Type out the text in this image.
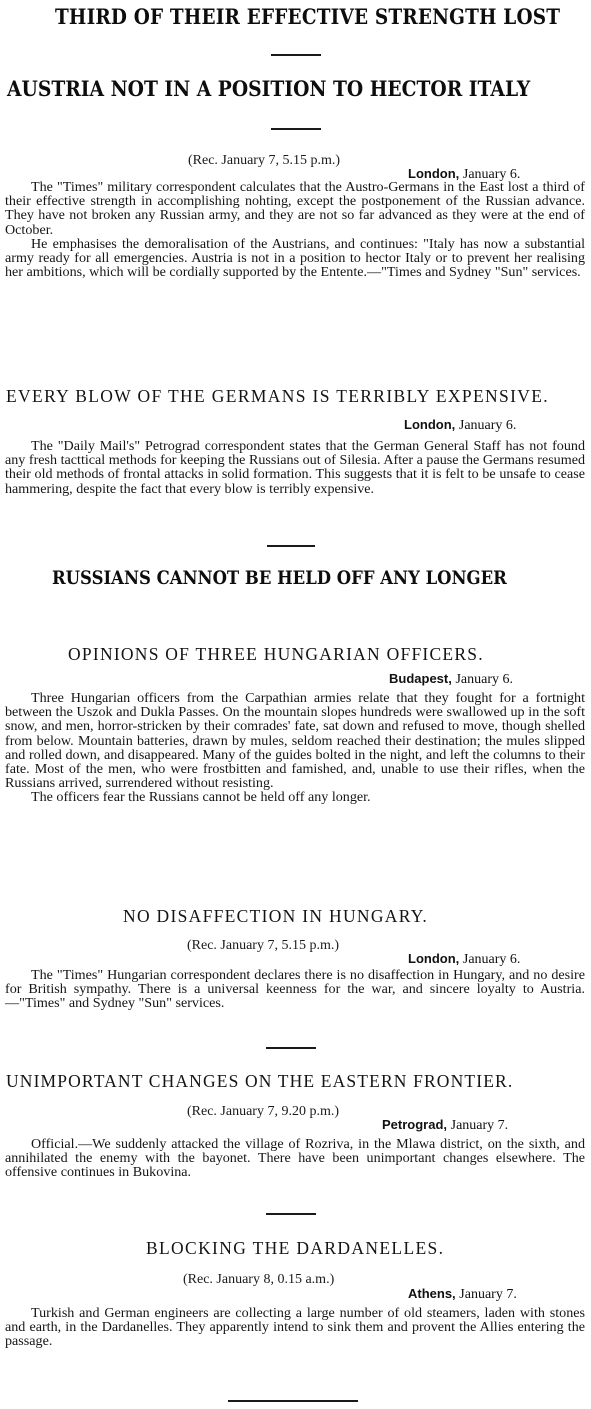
THIRD OF THEIR EFFECTIVE STRENGTH LOST
AUSTRIA NOT IN A POSITION TO HECTOR ITALY
(Rec. January 7, 5.15 p.m.)
London, January 6.

The "Times" military correspondent calculates that the Austro-Germans in the East lost a third of their effective strength in accomplishing nohting, except the postponement of the Russian advance. They have not broken any Russian army, and they are not so far advanced as they were at the end of October.

He emphasises the demoralisation of the Austrians, and continues: "Italy has now a substantial army ready for all emergencies. Austria is not in a position to hector Italy or to prevent her realising her ambitions, which will be cordially supported by the Entente.—"Times and Sydney "Sun" services.

EVERY BLOW OF THE GERMANS IS TERRIBLY EXPENSIVE.
London, January 6.

The "Daily Mail's" Petrograd correspondent states that the German General Staff has not found any fresh tacttical methods for keeping the Russians out of Silesia. After a pause the Germans resumed their old methods of frontal attacks in solid formation. This suggests that it is felt to be unsafe to cease hammering, despite the fact that every blow is terribly expensive.

RUSSIANS CANNOT BE HELD OFF ANY LONGER
OPINIONS OF THREE HUNGARIAN OFFICERS.
Budapest, January 6.

Three Hungarian officers from the Carpathian armies relate that they fought for a fortnight between the Uszok and Dukla Passes. On the mountain slopes hundreds were swallowed up in the soft snow, and men, horror-stricken by their comrades' fate, sat down and refused to move, though shelled from below. Mountain batteries, drawn by mules, seldom reached their destination; the mules slipped and rolled down, and disappeared. Many of the guides bolted in the night, and left the columns to their fate. Most of the men, who were frostbitten and famished, and, unable to use their rifles, when the Russians arrived, surrendered without resisting.

The officers fear the Russians cannot be held off any longer.

NO DISAFFECTION IN HUNGARY.
(Rec. January 7, 5.15 p.m.)
London, January 6.

The "Times" Hungarian correspondent declares there is no disaffection in Hungary, and no desire for British sympathy. There is a universal keenness for the war, and sincere loyalty to Austria.—"Times" and Sydney "Sun" services.

UNIMPORTANT CHANGES ON THE EASTERN FRONTIER.
(Rec. January 7, 9.20 p.m.)
Petrograd, January 7.

Official.—We suddenly attacked the village of Rozriva, in the Mlawa district, on the sixth, and annihilated the enemy with the bayonet. There have been unimportant changes elsewhere. The offensive continues in Bukovina.

BLOCKING THE DARDANELLES.
(Rec. January 8, 0.15 a.m.)
Athens, January 7.

Turkish and German engineers are collecting a large number of old steamers, laden with stones and earth, in the Dardanelles. They apparently intend to sink them and provent the Allies entering the passage.
